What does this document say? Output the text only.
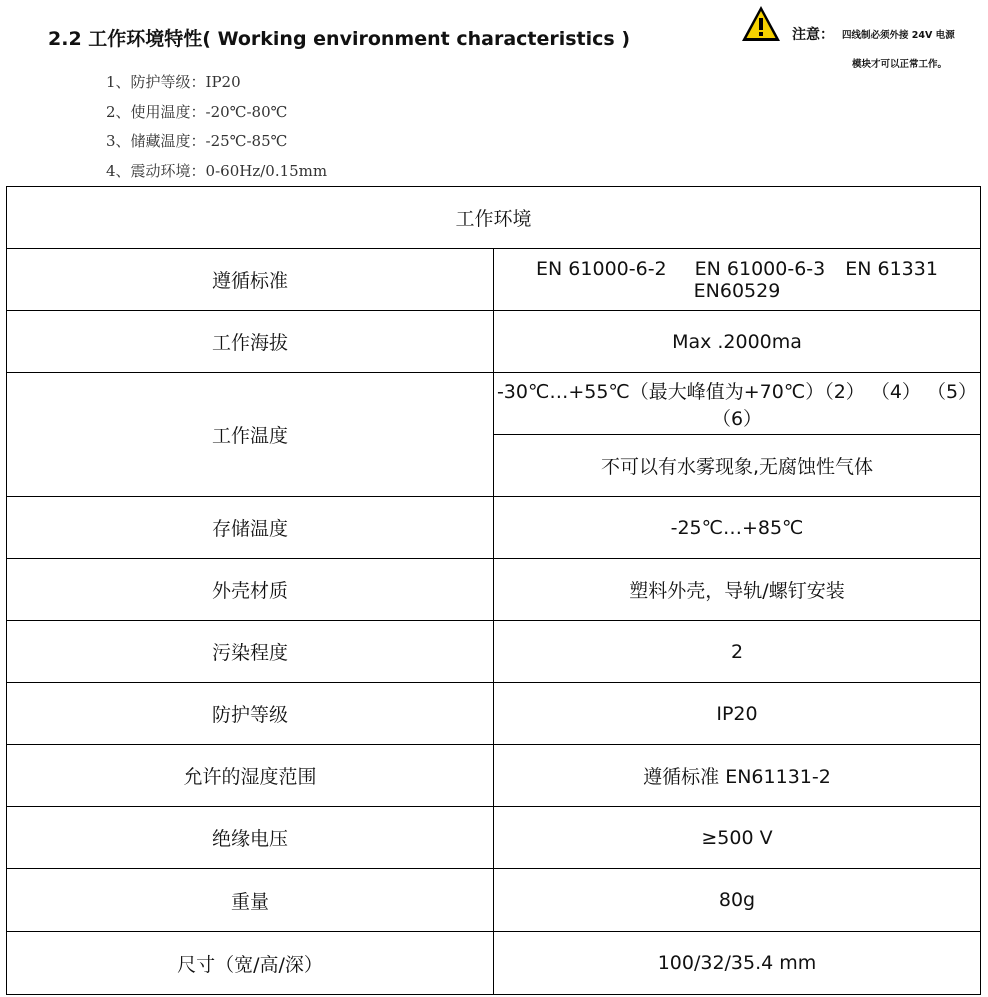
2.2 工作环境特性( Working environment characteristics )	注意： 四线制必须外接 24V 电源
模块才可以正常工作。
1、防护等级：IP20
2、使用温度：-20℃-80℃
3、储藏温度：-25℃-85℃
4、震动环境：0-60Hz/0.15mm
工作环境	
遵循标准	EN 61000-6-2 EN 61000-6-3 EN 61331 EN60529
工作海拔	Max .2000ma
工作温度	-30℃…+55℃（最大峰值为+70℃）（2） （4） （5） （6）
	不可以有水雾现象,无腐蚀性气体
存储温度	-25℃…+85℃
外壳材质	塑料外壳，导轨/螺钉安装
污染程度	2
防护等级	IP20
允许的湿度范围	遵循标准 EN61131-2
绝缘电压	≥500 V
重量	80g
尺寸（宽/高/深）	100/32/35.4 mm
